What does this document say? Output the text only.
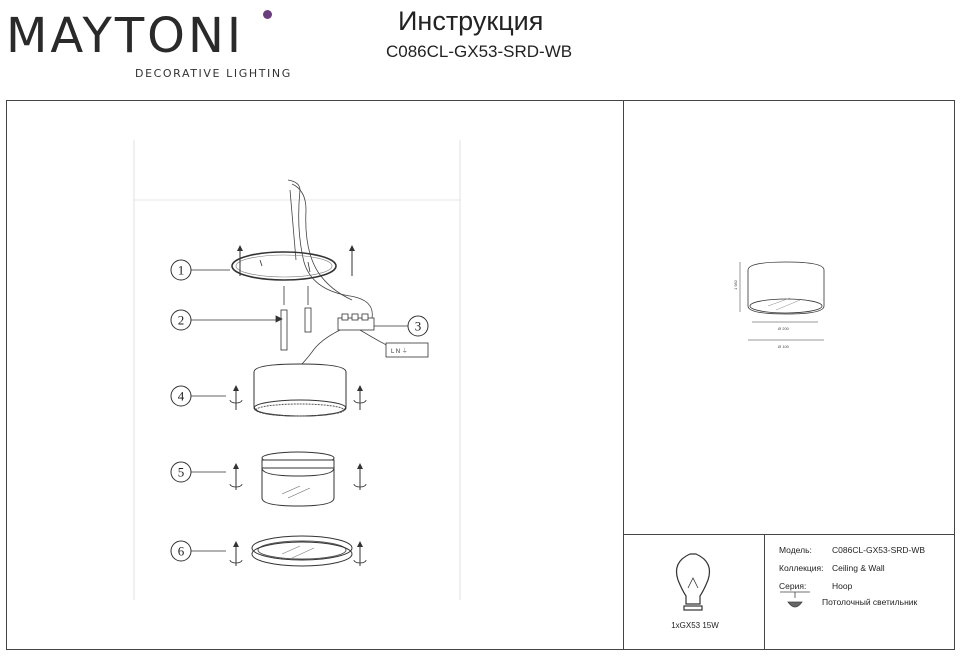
MAYTONI
DECORATIVE LIGHTING
Инструкция
C086CL-GX53-SRD-WB
L N ⏚
1
2	3
4
5
6
1 982
Ø 200
Ø 100
1xGX53 15W
Модель: C086CL-GX53-SRD-WB
Коллекция: Ceiling & Wall
Серия:	Hoop
Потолочный светильник
